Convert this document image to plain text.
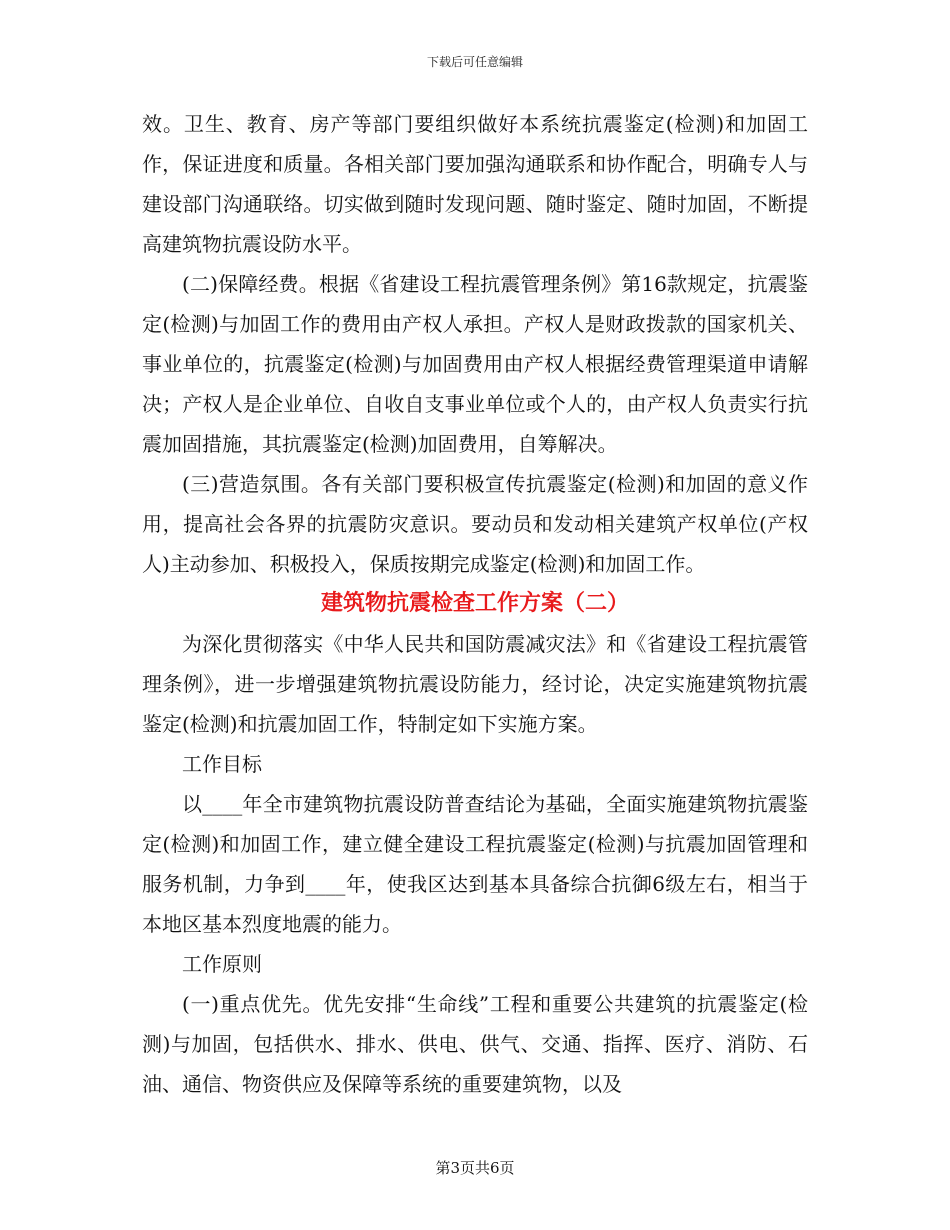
下载后可任意编辑

效。卫生、教育、房产等部门要组织做好本系统抗震鉴定(检测)和加固工作，保证进度和质量。各相关部门要加强沟通联系和协作配合，明确专人与建设部门沟通联络。切实做到随时发现问题、随时鉴定、随时加固，不断提高建筑物抗震设防水平。

(二)保障经费。根据《省建设工程抗震管理条例》第16款规定，抗震鉴定(检测)与加固工作的费用由产权人承担。产权人是财政拨款的国家机关、事业单位的，抗震鉴定(检测)与加固费用由产权人根据经费管理渠道申请解决；产权人是企业单位、自收自支事业单位或个人的，由产权人负责实行抗震加固措施，其抗震鉴定(检测)加固费用，自筹解决。

(三)营造氛围。各有关部门要积极宣传抗震鉴定(检测)和加固的意义作用，提高社会各界的抗震防灾意识。要动员和发动相关建筑产权单位(产权人)主动参加、积极投入，保质按期完成鉴定(检测)和加固工作。

建筑物抗震检查工作方案（二）

为深化贯彻落实《中华人民共和国防震减灾法》和《省建设工程抗震管理条例》，进一步增强建筑物抗震设防能力，经讨论，决定实施建筑物抗震鉴定(检测)和抗震加固工作，特制定如下实施方案。

工作目标

以____年全市建筑物抗震设防普查结论为基础，全面实施建筑物抗震鉴定(检测)和加固工作，建立健全建设工程抗震鉴定(检测)与抗震加固管理和服务机制，力争到____年，使我区达到基本具备综合抗御6级左右，相当于本地区基本烈度地震的能力。

工作原则

(一)重点优先。优先安排“生命线”工程和重要公共建筑的抗震鉴定(检测)与加固，包括供水、排水、供电、供气、交通、指挥、医疗、消防、石油、通信、物资供应及保障等系统的重要建筑物，以及

第3页共6页
